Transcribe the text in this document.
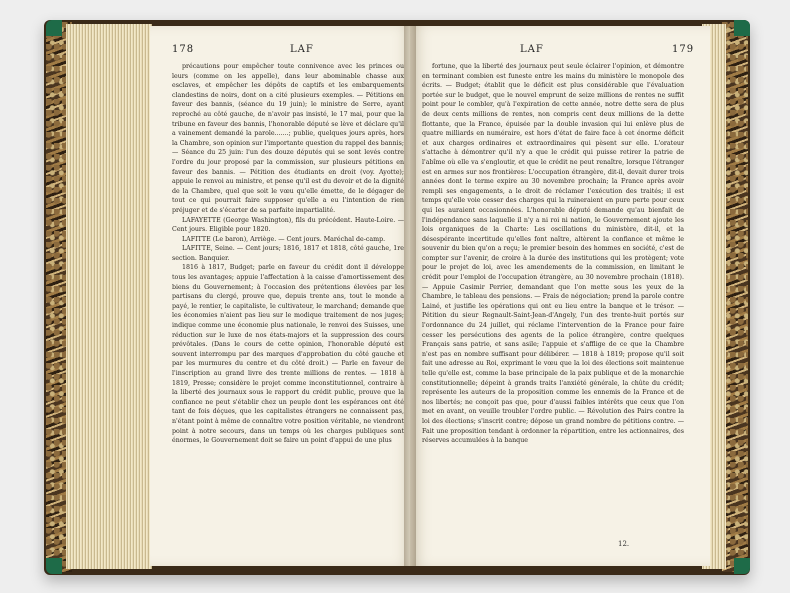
178	LAF

précautions pour empêcher toute connivence avec les princes ou leurs (comme on les appelle), dans leur abominable chasse aux esclaves, et empêcher les dépôts de captifs et les embarquements clandestins de noirs, dont on a cité plusieurs exemples. — Pétitions en faveur des bannis, (séance du 19 juin); le ministre de Serre, ayant reproché au côté gauche, de n'avoir pas insisté, le 17 mai, pour que la tribune en faveur des bannis, l'honorable député se lève et déclare qu'il a vainement demandé la parole.......; publie, quelques jours après, hors la Chambre, son opinion sur l'importante question du rappel des bannis; — Séance du 25 juin: l'un des douze députés qui se sont levés contre l'ordre du jour proposé par la commission, sur plusieurs pétitions en faveur des bannis. — Pétition des étudiants en droit (voy. Ayotte); appuie le renvoi au ministre, et pense qu'il est du devoir et de la dignité de la Chambre, quel que soit le vœu qu'elle émette, de le dégager de tout ce qui pourrait faire supposer qu'elle a eu l'intention de rien préjuger et de s'écarter de sa parfaite impartialité.

LAFAYETTE (George Washington), fils du précédent. Haute-Loire. — Cent jours. Eligible pour 1820.

LAFITTE (Le baron), Arriège. — Cent jours. Maréchal de-camp.

LAFITTE, Seine. — Cent jours; 1816, 1817 et 1818, côté gauche, 1re section. Banquier.

1816 à 1817, Budget; parle en faveur du crédit dont il développe tous les avantages; appuie l'affectation à la caisse d'amortissement des biens du Gouvernement; à l'occasion des prétentions élevées par les partisans du clergé, prouve que, depuis trente ans, tout le monde a payé, le rentier, le capitaliste, le cultivateur, le marchand; demande que les économies n'aient pas lieu sur le modique traitement de nos juges; indique comme une économie plus nationale, le renvoi des Suisses, une réduction sur le luxe de nos états-majors et la suppression des cours prévôtales. (Dans le cours de cette opinion, l'honorable député est souvent interrompu par des marques d'approbation du côté gauche et par les murmures du centre et du côté droit.) — Parle en faveur de l'inscription au grand livre des trente millions de rentes. — 1818 à 1819, Presse; considère le projet comme inconstitutionnel, contraire à la liberté des journaux sous le rapport du crédit public, prouve que la confiance ne peut s'établir chez un peuple dont les espérances ont été tant de fois déçues, que les capitalistes étrangers ne connaissent pas, n'étant point à même de connaître votre position véritable, ne viendront point à notre secours, dans un temps où les charges publiques sont énormes, le Gouvernement doit se faire un point d'appui de une plus

LAF	179

fortune, que la liberté des journaux peut seule éclairer l'opinion, et démontre en terminant combien est funeste entre les mains du ministère le monopole des écrits. — Budget; établit que le déficit est plus considérable que l'évaluation portée sur le budget, que le nouvel emprunt de seize millions de rentes ne suffit point pour le combler, qu'à l'expiration de cette année, notre dette sera de plus de deux cents millions de rentes, non compris cent deux millions de la dette flottante, que la France, épuisée par la double invasion qui lui enlève plus de quatre milliards en numéraire, est hors d'état de faire face à cet énorme déficit et aux charges ordinaires et extraordinaires qui pèsent sur elle. L'orateur s'attache à démontrer qu'il n'y a que le crédit qui puisse retirer la patrie de l'abîme où elle va s'engloutir, et que le crédit ne peut renaître, lorsque l'étranger est en armes sur nos frontières: L'occupation étrangère, dit-il, devait durer trois années dont le terme expire au 30 novembre prochain; la France après avoir rempli ses engagements, a le droit de réclamer l'exécution des traités; il est temps qu'elle voie cesser des charges qui la ruineraient en pure perte pour ceux qui les auraient occasionnées. L'honorable député demande qu'au bienfait de l'indépendance sans laquelle il n'y a ni roi ni nation, le Gouvernement ajoute les lois organiques de la Charte: Les oscillations du ministère, dit-il, et la désespérante incertitude qu'elles font naître, altèrent la confiance et même le souvenir du bien qu'on a reçu; le premier besoin des hommes en société, c'est de compter sur l'avenir, de croire à la durée des institutions qui les protègent; vote pour le projet de loi, avec les amendements de la commission, en limitant le crédit pour l'emploi de l'occupation étrangère, au 30 novembre prochain (1818). — Appuie Casimir Perrier, demandant que l'on mette sous les yeux de la Chambre, le tableau des pensions. — Frais de négociation; prend la parole contre Lainé, et justifie les opérations qui ont eu lieu entre la banque et le trésor. — Pétition du sieur Regnault-Saint-Jean-d'Angely, l'un des trente-huit portés sur l'ordonnance du 24 juillet, qui réclame l'intervention de la France pour faire cesser les persécutions des agents de la police étrangère, contre quelques Français sans patrie, et sans asile; l'appuie et s'afflige de ce que la Chambre n'est pas en nombre suffisant pour délibérer. — 1818 à 1819; propose qu'il soit fait une adresse au Roi, exprimant le vœu que la loi des élections soit maintenue telle qu'elle est, comme la base principale de la paix publique et de la monarchie constitutionnelle; dépeint à grands traits l'anxiété générale, la chûte du crédit; représente les auteurs de la proposition comme les ennemis de la France et de nos libertés; ne conçoit pas que, pour d'aussi faibles intérêts que ceux que l'on met en avant, on veuille troubler l'ordre public. — Révolution des Pairs contre la loi des élections; s'inscrit contre; dépose un grand nombre de pétitions contre. — Fait une proposition tendant à ordonner la répartition, entre les actionnaires, des réserves accumulées à la banque

12.
